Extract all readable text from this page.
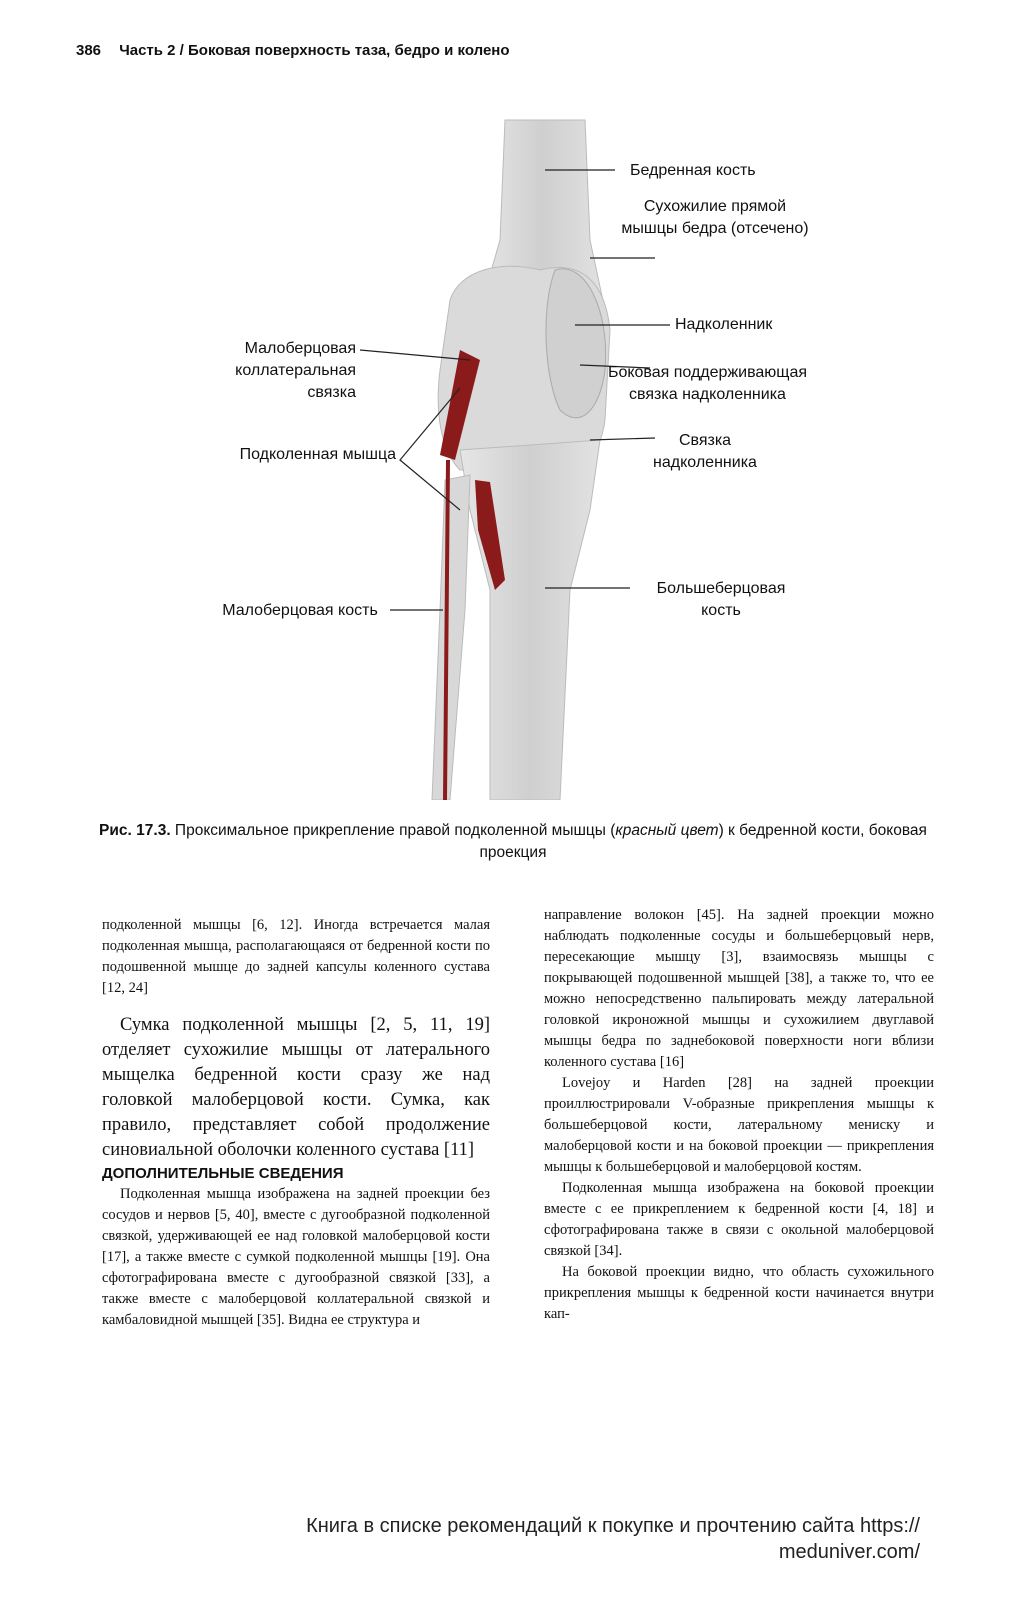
386 Часть 2 / Боковая поверхность таза, бедро и колено
Бедренная кость
Сухожилие прямой мышцы бедра (отсечено)
Надколенник
Малоберцовая коллатеральная связка
Боковая поддерживающая связка надколенника
Подколенная мышца
Связка надколенника
Большеберцовая кость
Малоберцовая кость
Рис. 17.3. Проксимальное прикрепление правой подколенной мышцы (красный цвет) к бедренной кости, боковая проекция

подколенной мышцы [6, 12]. Иногда встречается малая подколенная мышца, располагающаяся от бедренной кости по подошвенной мышце до задней капсулы коленного сустава [12, 24]

Сумка подколенной мышцы [2, 5, 11, 19] отделяет сухожилие мышцы от латерального мыщелка бедренной кости сразу же над головкой малоберцовой кости. Сумка, как правило, представляет собой продолжение синовиальной оболочки коленного сустава [11]

ДОПОЛНИТЕЛЬНЫЕ СВЕДЕНИЯ

Подколенная мышца изображена на задней проекции без сосудов и нервов [5, 40], вместе с дугообразной подколенной связкой, удерживающей ее над головкой малоберцовой кости [17], а также вместе с сумкой подколенной мышцы [19]. Она сфотографирована вместе с дугообразной связкой [33], а также вместе с малоберцовой коллатеральной связкой и камбаловидной мышцей [35]. Видна ее структура и

направление волокон [45]. На задней проекции можно наблюдать подколенные сосуды и большеберцовый нерв, пересекающие мышцу [3], взаимосвязь мышцы с покрывающей подошвенной мышцей [38], а также то, что ее можно непосредственно пальпировать между латеральной головкой икроножной мышцы и сухожилием двуглавой мышцы бедра по заднебоковой поверхности ноги вблизи коленного сустава [16]

Lovejoy и Harden [28] на задней проекции проиллюстрировали V-образные прикрепления мышцы к большеберцовой кости, латеральному мениску и малоберцовой кости и на боковой проекции — прикрепления мышцы к большеберцовой и малоберцовой костям.

Подколенная мышца изображена на боковой проекции вместе с ее прикреплением к бедренной кости [4, 18] и сфотографирована также в связи с окольной малоберцовой связкой [34].

На боковой проекции видно, что область сухожильного прикрепления мышцы к бедренной кости начинается внутри кап-

Книга в списке рекомендаций к покупке и прочтению сайта https:// meduniver.com/
